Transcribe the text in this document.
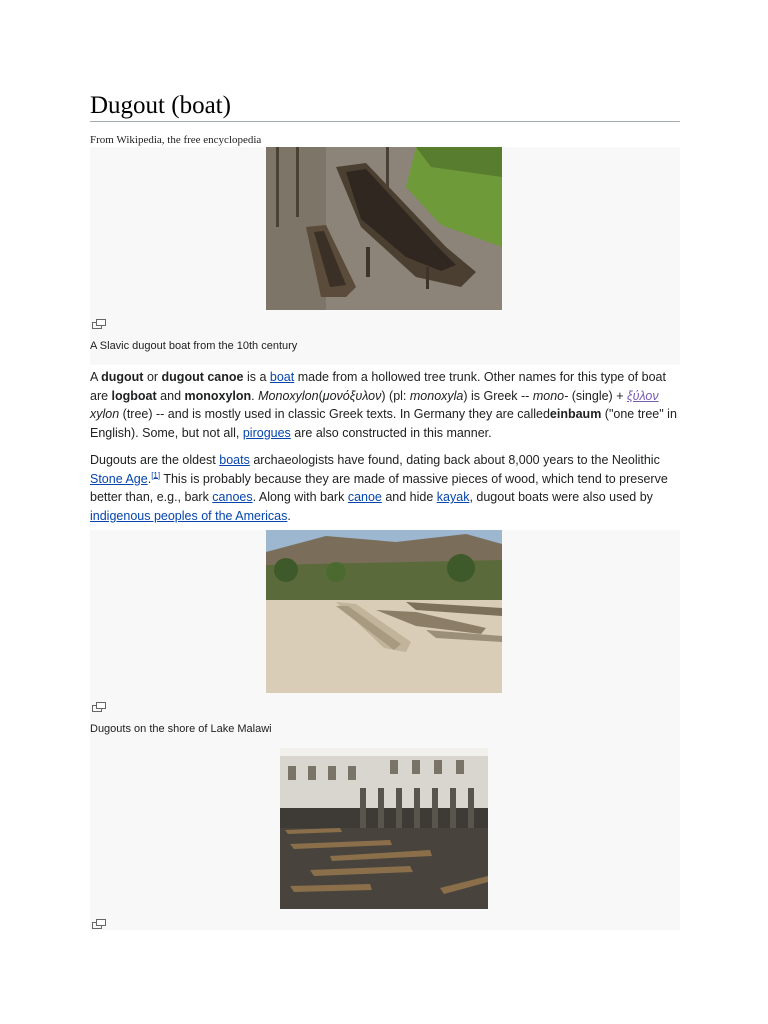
Dugout (boat)
From Wikipedia, the free encyclopedia
A Slavic dugout boat from the 10th century

A dugout or dugout canoe is a boat made from a hollowed tree trunk. Other names for this type of boat are logboat and monoxylon. Monoxylon(μονόξυλον) (pl: monoxyla) is Greek -- mono- (single) + ξύλον xylon (tree) -- and is mostly used in classic Greek texts. In Germany they are calledeinbaum ("one tree" in English). Some, but not all, pirogues are also constructed in this manner.

Dugouts are the oldest boats archaeologists have found, dating back about 8,000 years to the Neolithic Stone Age.[1] This is probably because they are made of massive pieces of wood, which tend to preserve better than, e.g., bark canoes. Along with bark canoe and hide kayak, dugout boats were also used by indigenous peoples of the Americas.

Dugouts on the shore of Lake Malawi
